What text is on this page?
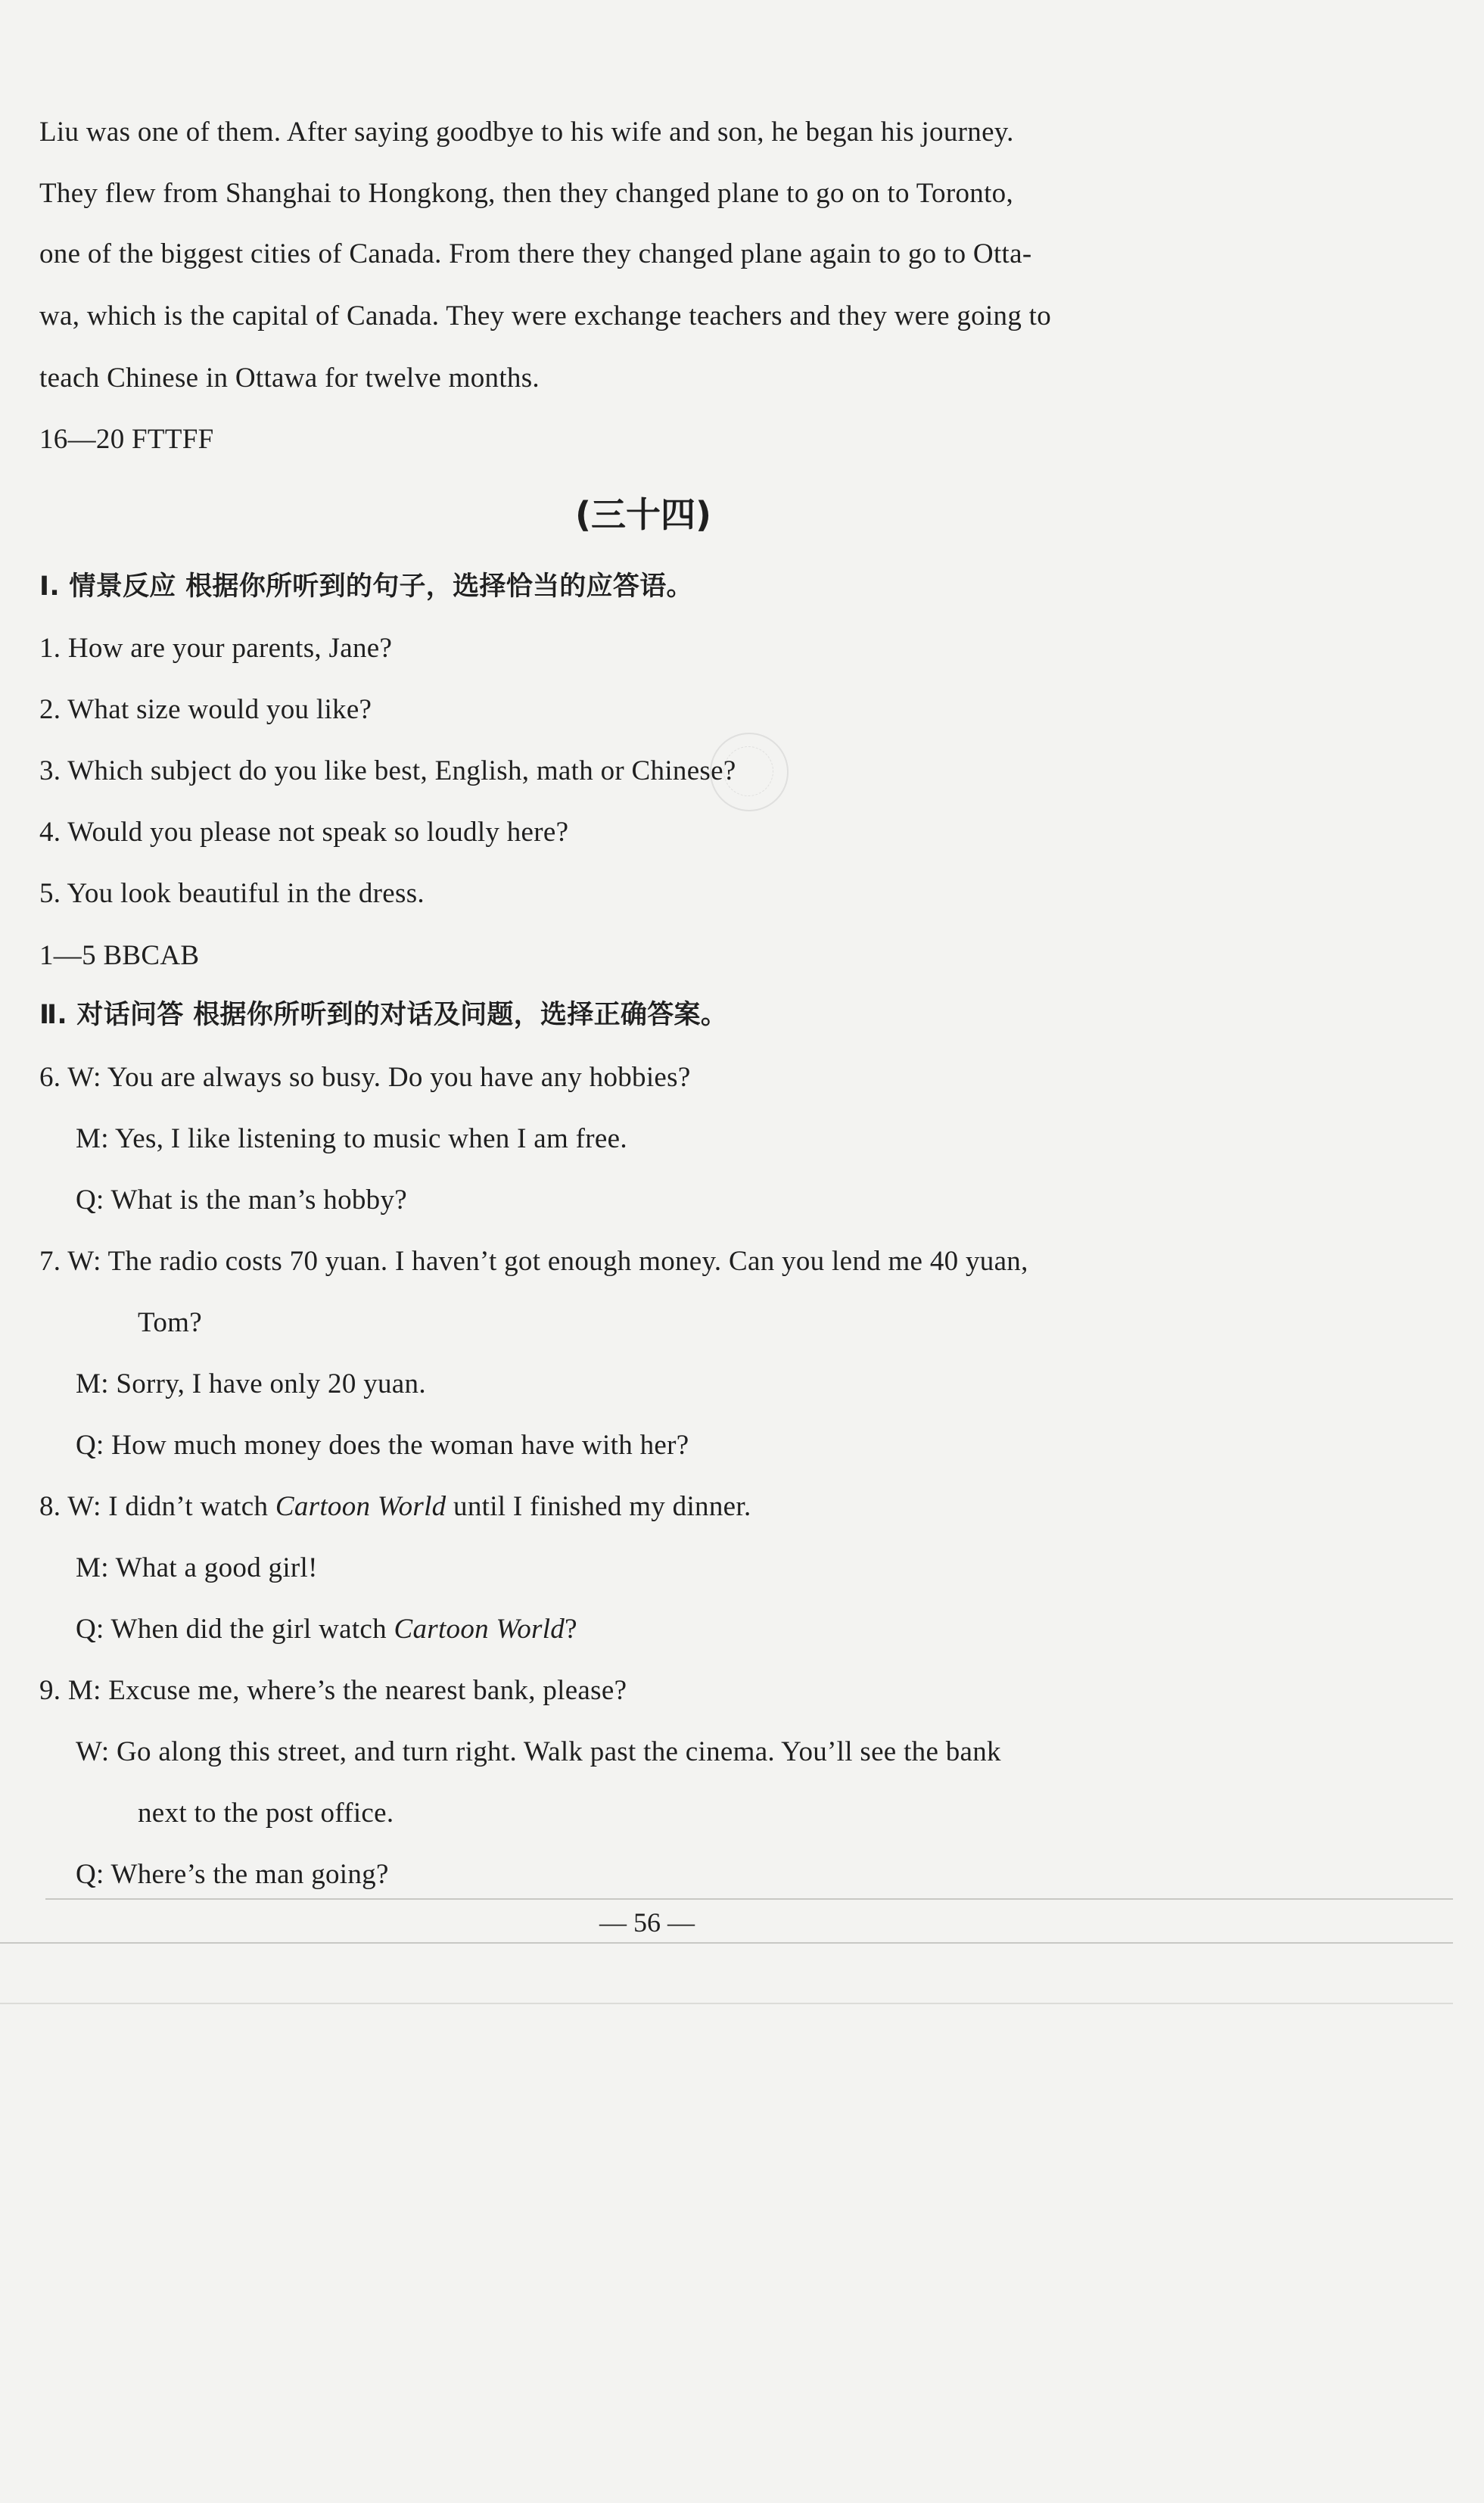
Liu was one of them. After saying goodbye to his wife and son, he began his journey.
They flew from Shanghai to Hongkong, then they changed plane to go on to Toronto,
one of the biggest cities of Canada. From there they changed plane again to go to Otta-
wa, which is the capital of Canada. They were exchange teachers and they were going to
teach Chinese in Ottawa for twelve months.
16—20 FTTFF
(三十四)
Ⅰ. 情景反应 根据你所听到的句子，选择恰当的应答语。
1. How are your parents, Jane?
2. What size would you like?
3. Which subject do you like best, English, math or Chinese?
4. Would you please not speak so loudly here?
5. You look beautiful in the dress.
1—5 BBCAB
Ⅱ. 对话问答 根据你所听到的对话及问题，选择正确答案。
6. W: You are always so busy. Do you have any hobbies?
M: Yes, I like listening to music when I am free.
Q: What is the man’s hobby?
7. W: The radio costs 70 yuan. I haven’t got enough money. Can you lend me 40 yuan,
Tom?
M: Sorry, I have only 20 yuan.
Q: How much money does the woman have with her?
8. W: I didn’t watch Cartoon World until I finished my dinner.
M: What a good girl!
Q: When did the girl watch Cartoon World?
9. M: Excuse me, where’s the nearest bank, please?
W: Go along this street, and turn right. Walk past the cinema. You’ll see the bank
next to the post office.
Q: Where’s the man going?
— 56 —
